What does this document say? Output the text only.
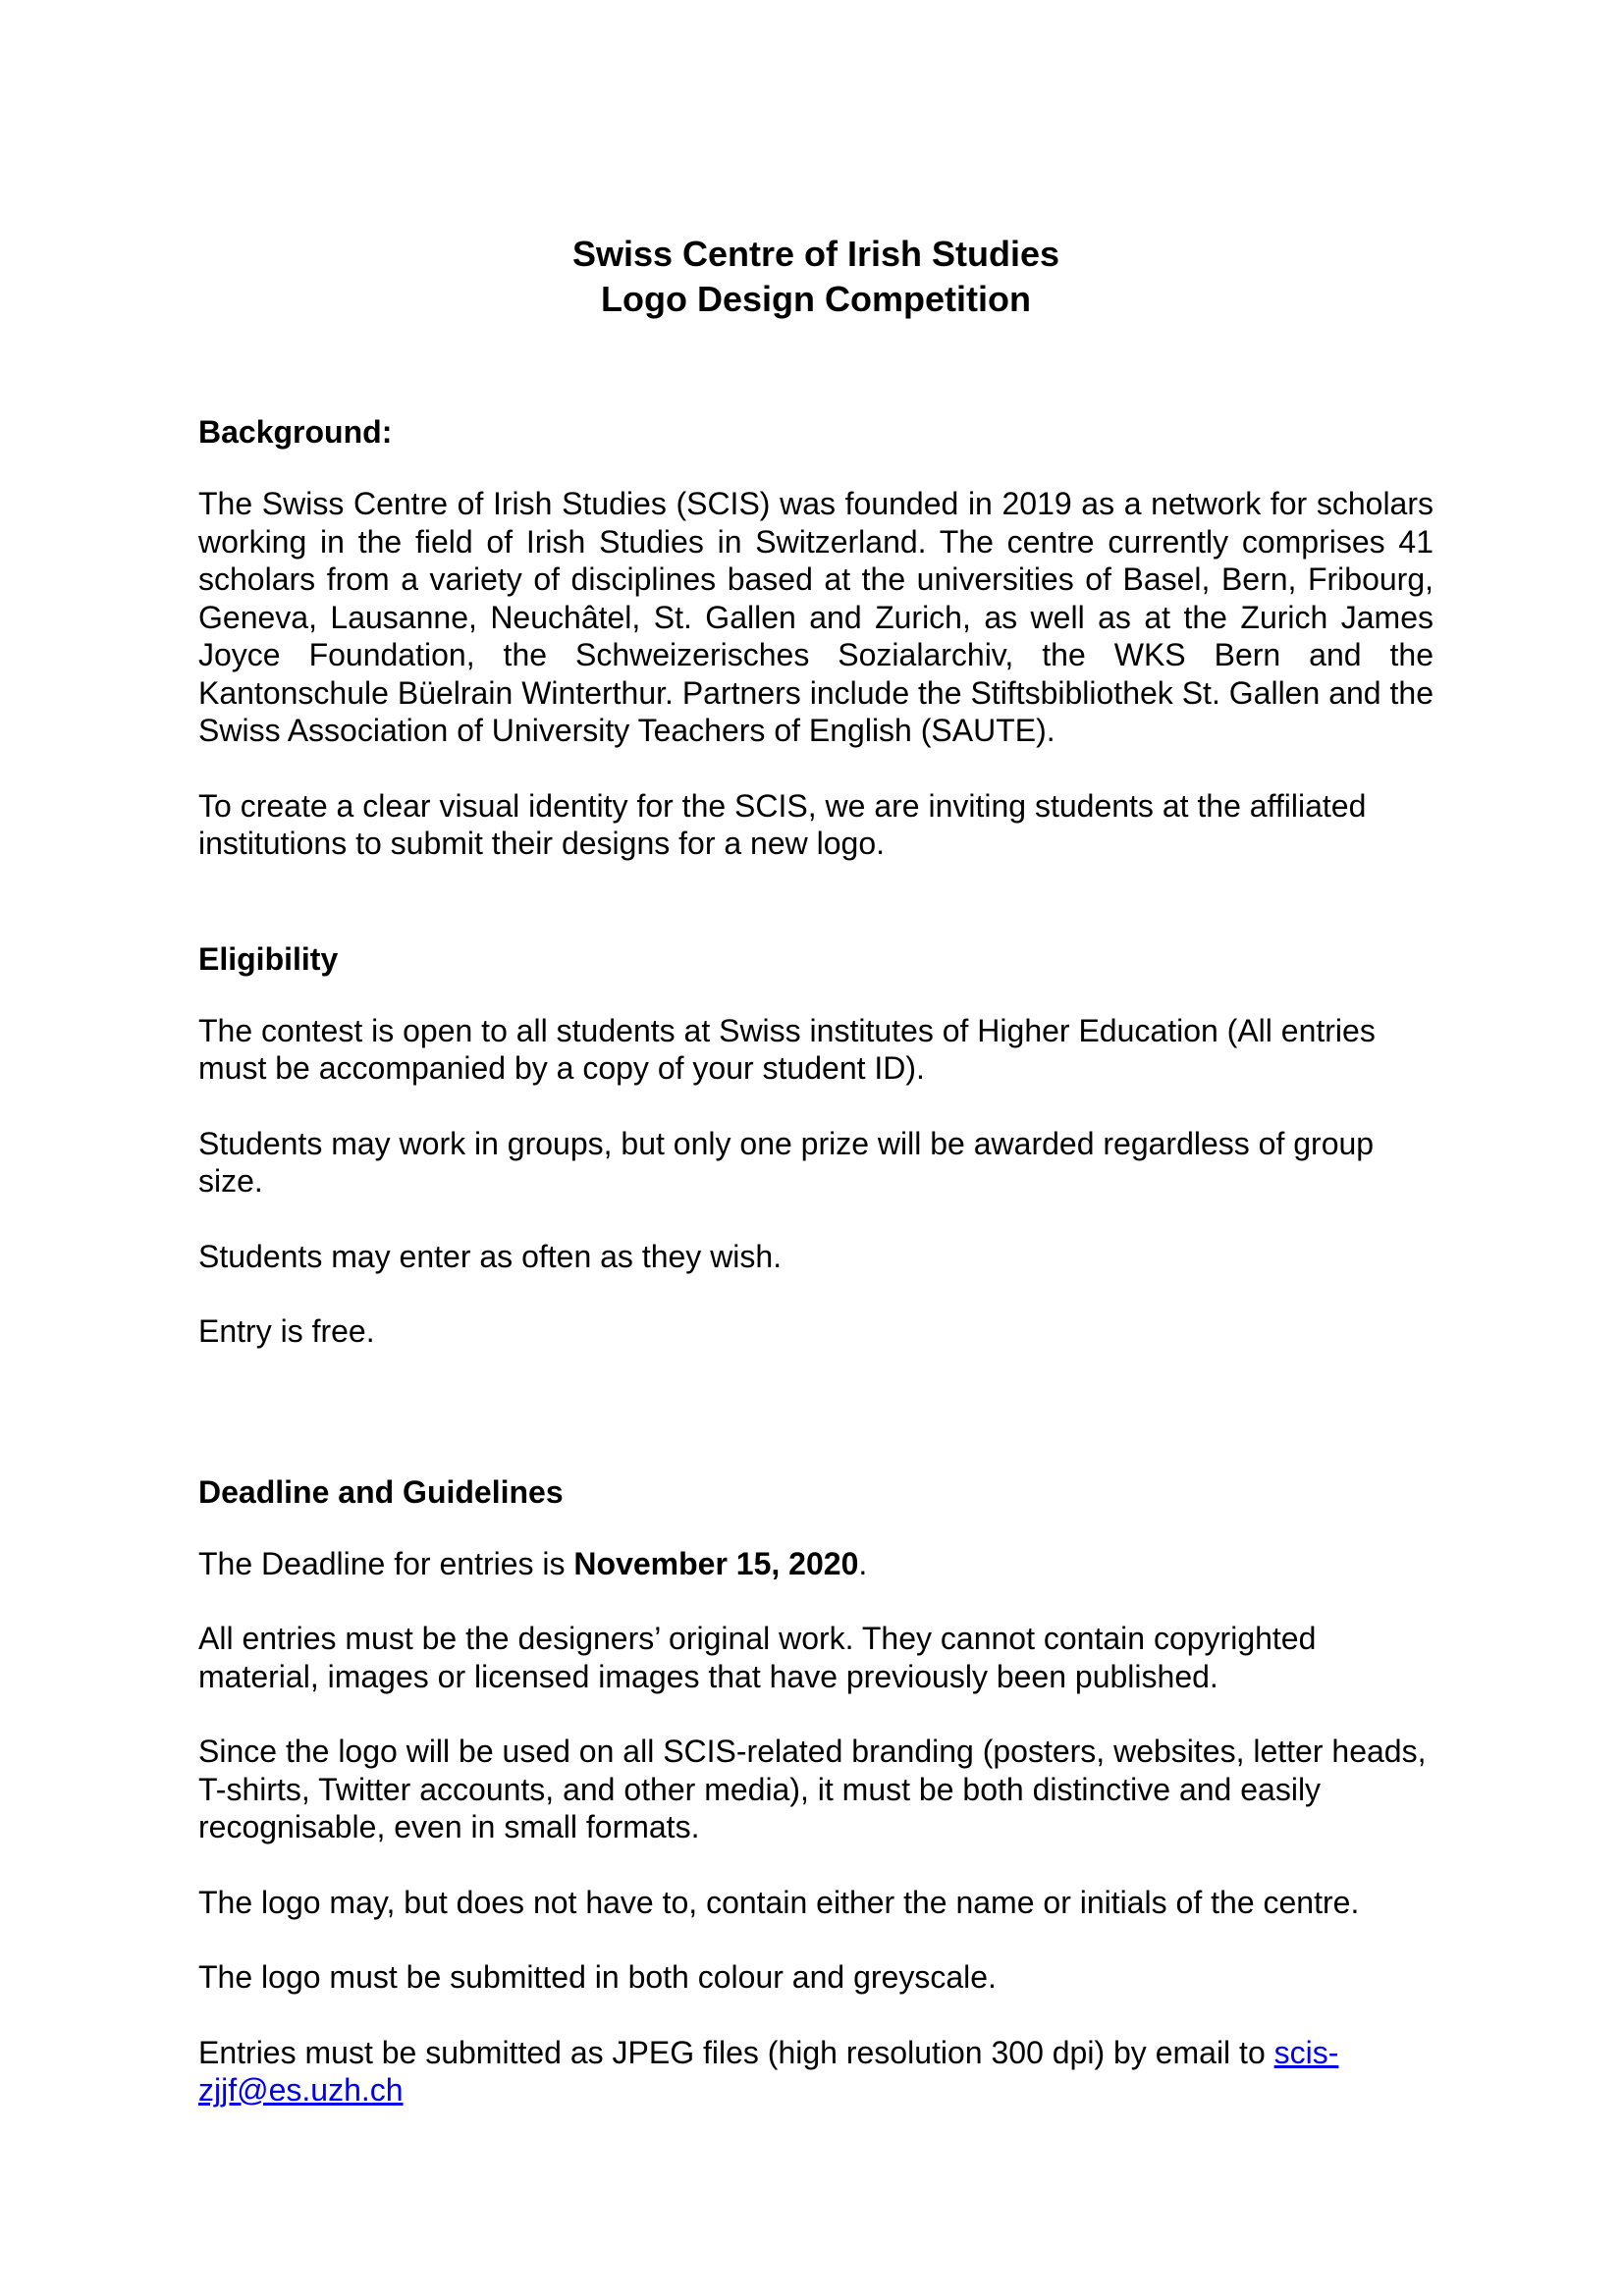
Swiss Centre of Irish Studies
Logo Design Competition
Background:

The Swiss Centre of Irish Studies (SCIS) was founded in 2019 as a network for scholars working in the field of Irish Studies in Switzerland. The centre currently comprises 41 scholars from a variety of disciplines based at the universities of Basel, Bern, Fribourg, Geneva, Lausanne, Neuchâtel, St. Gallen and Zurich, as well as at the Zurich James Joyce Foundation, the Schweizerisches Sozialarchiv, the WKS Bern and the Kantonschule Büelrain Winterthur. Partners include the Stiftsbibliothek St. Gallen and the Swiss Association of University Teachers of English (SAUTE).

To create a clear visual identity for the SCIS, we are inviting students at the affiliated institutions to submit their designs for a new logo.

Eligibility

The contest is open to all students at Swiss institutes of Higher Education (All entries must be accompanied by a copy of your student ID).

Students may work in groups, but only one prize will be awarded regardless of group size.

Students may enter as often as they wish.

Entry is free.

Deadline and Guidelines

The Deadline for entries is November 15, 2020.

All entries must be the designers’ original work. They cannot contain copyrighted material, images or licensed images that have previously been published.

Since the logo will be used on all SCIS-related branding (posters, websites, letter heads, T-shirts, Twitter accounts, and other media), it must be both distinctive and easily recognisable, even in small formats.

The logo may, but does not have to, contain either the name or initials of the centre.

The logo must be submitted in both colour and greyscale.

Entries must be submitted as JPEG files (high resolution 300 dpi) by email to scis-zjjf@es.uzh.ch
